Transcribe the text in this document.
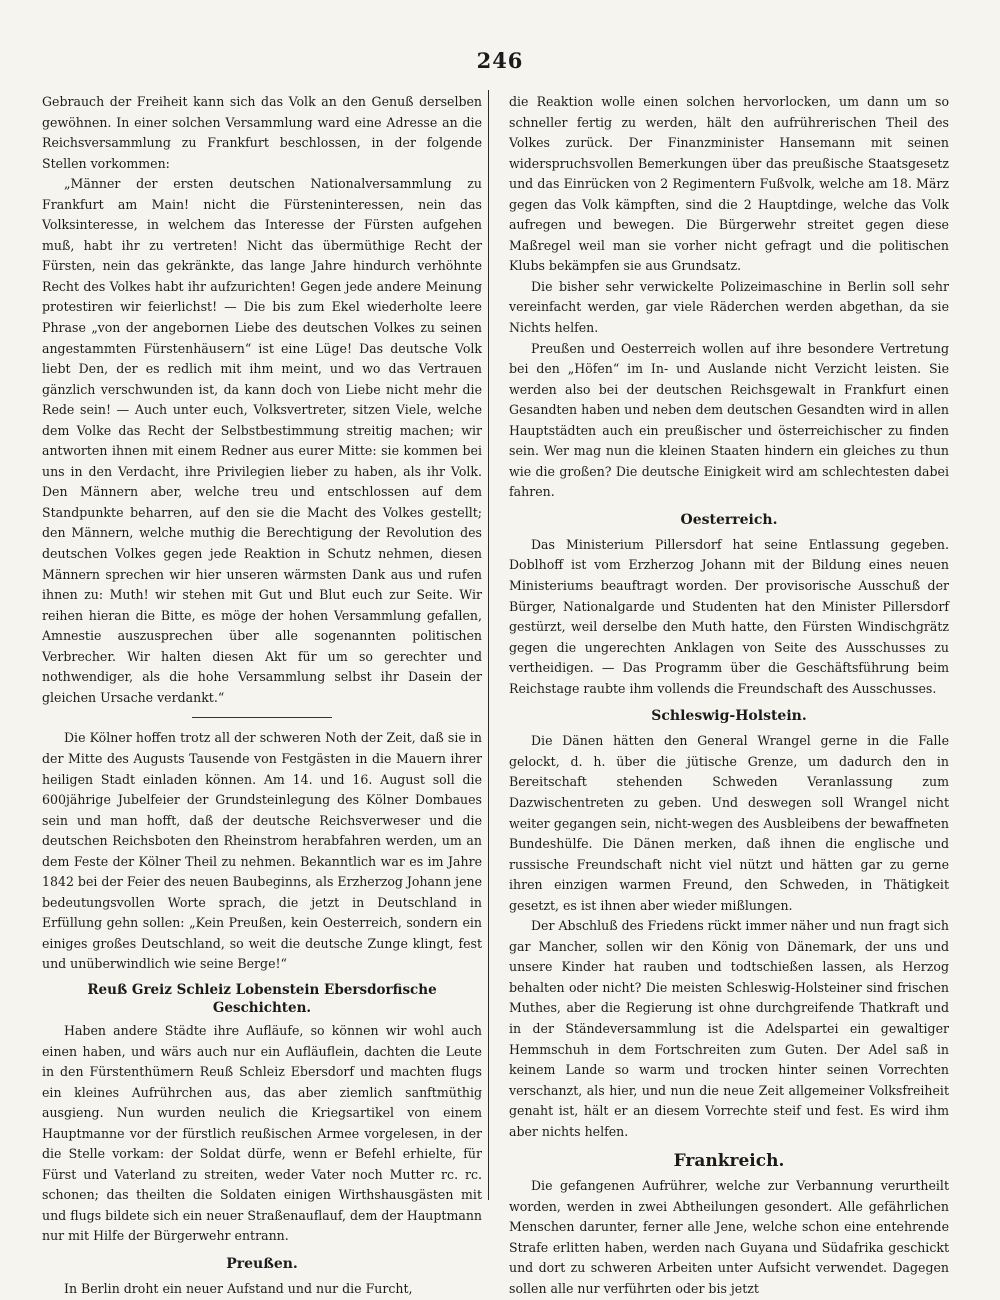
246

Gebrauch der Freiheit kann sich das Volk an den Genuß derselben gewöhnen. In einer solchen Versammlung ward eine Adresse an die Reichsversammlung zu Frankfurt beschlossen, in der folgende Stellen vorkommen:

„Männer der ersten deutschen Nationalversammlung zu Frankfurt am Main! nicht die Fürsteninteressen, nein das Volksinteresse, in welchem das Interesse der Fürsten aufgehen muß, habt ihr zu vertreten! Nicht das übermüthige Recht der Fürsten, nein das gekränkte, das lange Jahre hindurch verhöhnte Recht des Volkes habt ihr aufzurichten! Gegen jede andere Meinung protestiren wir feierlichst! — Die bis zum Ekel wiederholte leere Phrase „von der angebornen Liebe des deutschen Volkes zu seinen angestammten Fürstenhäusern“ ist eine Lüge! Das deutsche Volk liebt Den, der es redlich mit ihm meint, und wo das Vertrauen gänzlich verschwunden ist, da kann doch von Liebe nicht mehr die Rede sein! — Auch unter euch, Volksvertreter, sitzen Viele, welche dem Volke das Recht der Selbstbestimmung streitig machen; wir antworten ihnen mit einem Redner aus eurer Mitte: sie kommen bei uns in den Verdacht, ihre Privilegien lieber zu haben, als ihr Volk. Den Männern aber, welche treu und entschlossen auf dem Standpunkte beharren, auf den sie die Macht des Volkes gestellt; den Männern, welche muthig die Berechtigung der Revolution des deutschen Volkes gegen jede Reaktion in Schutz nehmen, diesen Männern sprechen wir hier unseren wärmsten Dank aus und rufen ihnen zu: Muth! wir stehen mit Gut und Blut euch zur Seite. Wir reihen hieran die Bitte, es möge der hohen Versammlung gefallen, Amnestie auszusprechen über alle sogenannten politischen Verbrecher. Wir halten diesen Akt für um so gerechter und nothwendiger, als die hohe Versammlung selbst ihr Dasein der gleichen Ursache verdankt.“

Die Kölner hoffen trotz all der schweren Noth der Zeit, daß sie in der Mitte des Augusts Tausende von Festgästen in die Mauern ihrer heiligen Stadt einladen können. Am 14. und 16. August soll die 600jährige Jubelfeier der Grundsteinlegung des Kölner Dombaues sein und man hofft, daß der deutsche Reichsverweser und die deutschen Reichsboten den Rheinstrom herabfahren werden, um an dem Feste der Kölner Theil zu nehmen. Bekanntlich war es im Jahre 1842 bei der Feier des neuen Baubeginns, als Erzherzog Johann jene bedeutungsvollen Worte sprach, die jetzt in Deutschland in Erfüllung gehn sollen: „Kein Preußen, kein Oesterreich, sondern ein einiges großes Deutschland, so weit die deutsche Zunge klingt, fest und unüberwindlich wie seine Berge!“

Reuß Greiz Schleiz Lobenstein Ebersdorfische Geschichten.

Haben andere Städte ihre Aufläufe, so können wir wohl auch einen haben, und wärs auch nur ein Aufläuflein, dachten die Leute in den Fürstenthümern Reuß Schleiz Ebersdorf und machten flugs ein kleines Aufrührchen aus, das aber ziemlich sanftmüthig ausgieng. Nun wurden neulich die Kriegsartikel von einem Hauptmanne vor der fürstlich reußischen Armee vorgelesen, in der die Stelle vorkam: der Soldat dürfe, wenn er Befehl erhielte, für Fürst und Vaterland zu streiten, weder Vater noch Mutter rc. rc. schonen; das theilten die Soldaten einigen Wirthshausgästen mit und flugs bildete sich ein neuer Straßenauflauf, dem der Hauptmann nur mit Hilfe der Bürgerwehr entrann.

Preußen.

In Berlin droht ein neuer Aufstand und nur die Furcht,

die Reaktion wolle einen solchen hervorlocken, um dann um so schneller fertig zu werden, hält den aufrührerischen Theil des Volkes zurück. Der Finanzminister Hansemann mit seinen widerspruchsvollen Bemerkungen über das preußische Staatsgesetz und das Einrücken von 2 Regimentern Fußvolk, welche am 18. März gegen das Volk kämpften, sind die 2 Hauptdinge, welche das Volk aufregen und bewegen. Die Bürgerwehr streitet gegen diese Maßregel weil man sie vorher nicht gefragt und die politischen Klubs bekämpfen sie aus Grundsatz.

Die bisher sehr verwickelte Polizeimaschine in Berlin soll sehr vereinfacht werden, gar viele Räderchen werden abgethan, da sie Nichts helfen.

Preußen und Oesterreich wollen auf ihre besondere Vertretung bei den „Höfen“ im In- und Auslande nicht Verzicht leisten. Sie werden also bei der deutschen Reichsgewalt in Frankfurt einen Gesandten haben und neben dem deutschen Gesandten wird in allen Hauptstädten auch ein preußischer und österreichischer zu finden sein. Wer mag nun die kleinen Staaten hindern ein gleiches zu thun wie die großen? Die deutsche Einigkeit wird am schlechtesten dabei fahren.

Oesterreich.

Das Ministerium Pillersdorf hat seine Entlassung gegeben. Doblhoff ist vom Erzherzog Johann mit der Bildung eines neuen Ministeriums beauftragt worden. Der provisorische Ausschuß der Bürger, Nationalgarde und Studenten hat den Minister Pillersdorf gestürzt, weil derselbe den Muth hatte, den Fürsten Windischgrätz gegen die ungerechten Anklagen von Seite des Ausschusses zu vertheidigen. — Das Programm über die Geschäftsführung beim Reichstage raubte ihm vollends die Freundschaft des Ausschusses.

Schleswig-Holstein.

Die Dänen hätten den General Wrangel gerne in die Falle gelockt, d. h. über die jütische Grenze, um dadurch den in Bereitschaft stehenden Schweden Veranlassung zum Dazwischentreten zu geben. Und deswegen soll Wrangel nicht weiter gegangen sein, nicht-wegen des Ausbleibens der bewaffneten Bundeshülfe. Die Dänen merken, daß ihnen die englische und russische Freundschaft nicht viel nützt und hätten gar zu gerne ihren einzigen warmen Freund, den Schweden, in Thätigkeit gesetzt, es ist ihnen aber wieder mißlungen.

Der Abschluß des Friedens rückt immer näher und nun fragt sich gar Mancher, sollen wir den König von Dänemark, der uns und unsere Kinder hat rauben und todtschießen lassen, als Herzog behalten oder nicht? Die meisten Schleswig-Holsteiner sind frischen Muthes, aber die Regierung ist ohne durchgreifende Thatkraft und in der Ständeversammlung ist die Adelspartei ein gewaltiger Hemmschuh in dem Fortschreiten zum Guten. Der Adel saß in keinem Lande so warm und trocken hinter seinen Vorrechten verschanzt, als hier, und nun die neue Zeit allgemeiner Volksfreiheit genaht ist, hält er an diesem Vorrechte steif und fest. Es wird ihm aber nichts helfen.

Frankreich.

Die gefangenen Aufrührer, welche zur Verbannung verurtheilt worden, werden in zwei Abtheilungen gesondert. Alle gefährlichen Menschen darunter, ferner alle Jene, welche schon eine entehrende Strafe erlitten haben, werden nach Guyana und Südafrika geschickt und dort zu schweren Arbeiten unter Aufsicht verwendet. Dagegen sollen alle nur verführten oder bis jetzt
